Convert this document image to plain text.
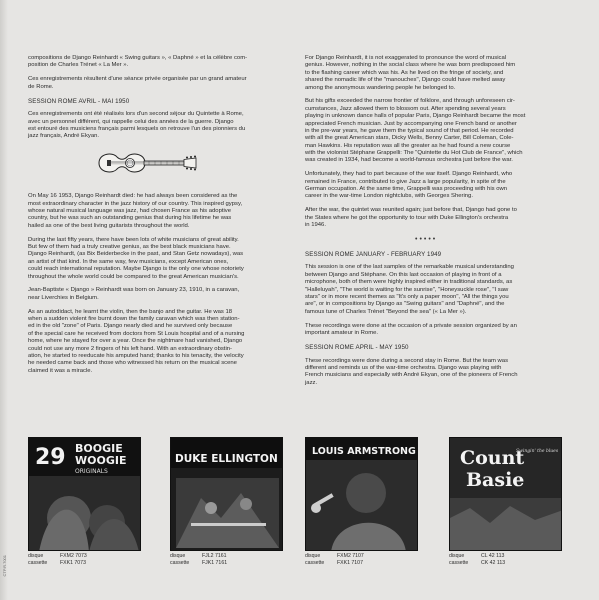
compositions de Django Reinhardt « Swing guitars », « Daphné » et la célèbre com-
position de Charles Trénet « La Mer ».

Ces enregistrements résultent d'une séance privée organisée par un grand amateur
de Rome.

SESSION ROME AVRIL - MAI 1950

Ces enregistrements ont été réalisés lors d'un second séjour du Quintette à Rome,
avec un personnel différent, qui rappelle celui des années de la guerre. Django
est entouré des musiciens français parmi lesquels on retrouve l'un des pionniers du
jazz français, André Ekyan.

On May 16 1953, Django Reinhardt died: he had always been considered as the
most extraordinary character in the jazz history of our country. This inspired gypsy,
whose natural musical language was jazz, had chosen France as his adoptive
country, but he was such an outstanding genius that during his lifetime he was
hailed as one of the best living guitarists throughout the world.

During the last fifty years, there have been lots of white musicians of great ability.
But few of them had a truly creative genius, as the best black musicians have.
Django Reinhardt, (as Bix Beiderbecke in the past, and Stan Getz nowadays), was
an artist of that kind. In the same way, few musicians, except American ones,
could reach international reputation. Maybe Django is the only one whose notoriety
throughout the whole world could be compared to the great American musician's.

Jean-Baptiste « Django » Reinhardt was born on January 23, 1910, in a caravan,
near Liverchies in Belgium.

As an autodidact, he learnt the violin, then the banjo and the guitar. He was 18
when a sudden violent fire burnt down the family caravan which was then station-
ed in the old "zone" of Paris. Django nearly died and he survived only because
of the special care he received from doctors from St Louis hospital and of a nursing
home, where he stayed for over a year. Once the nightmare had vanished, Django
could not use any more 2 fingers of his left hand. With an extraordinary obstin-
ation, he started to reeducate his amputed hand; thanks to his tenacity, the velocity
he needed came back and those who witnessed his return on the musical scene
claimed it was a miracle.

For Django Reinhardt, it is not exaggerated to pronounce the word of musical
genius. However, nothing in the social class where he was born predisposed him
to the flashing career which was his. As he lived on the fringe of society, and
shared the nomadic life of the "manouches", Django could have melted away
among the anonymous wandering people he belonged to.

But his gifts exceeded the narrow frontier of folklore, and through unforeseen cir-
cumstances, Jazz allowed them to blossom out. After spending several years
playing in unknown dance halls of popular Paris, Django Reinhardt became the most
appreciated French musician. Just by accompanying one French band or another
in the pre-war years, he gave them the typical sound of that period. He recorded
with all the great American stars, Dicky Wells, Benny Carter, Bill Coleman, Cole-
man Hawkins. His reputation was all the greater as he had found a new course
with the violonist Stéphane Grappelli: The "Quintette du Hot Club de France", which
was created in 1934, had become a world-famous orchestra just before the war.

Unfortunately, they had to part because of the war itself. Django Reinhardt, who
remained in France, contributed to give Jazz a large popularity, in spite of the
German occupation. At the same time, Grappelli was proceeding with his own
career in the war-time London nightclubs, with Georges Shering.

After the war, the quintet was reunited again; just before that, Django had gone to
the States where he got the opportunity to tour with Duke Ellington's orchestra
in 1946.

•••••

SESSION ROME JANUARY - FEBRUARY 1949

This session is one of the last samples of the remarkable musical understanding
between Django and Stéphane. On this last occasion of playing in front of a
microphone, both of them were highly inspired either in traditional standards, as
"Halleluyah", "The world is waiting for the sunrise", "Honeysuckle rose", "I saw
stars" or in more recent themes as "It's only a paper moon", "All the things you
are", or in compositions by Django as "Swing guitars" and "Daphné", and the
famous tune of Charles Trénet "Beyond the sea" (« La Mer »).

These recordings were done at the occasion of a private session organized by an
important amateur in Rome.

SESSION ROME APRIL - MAY 1950

These recordings were done during a second stay in Rome. But the team was
different and reminds us of the war-time orchestra. Django was playing with
French musicians and especially with André Ekyan, one of the pioneers of French
jazz.

29 BOOGIE
WOOGIE
ORIGINALS
disque	FXM2 7073
cassette	FXK1 7073
DUKE ELLINGTON
disque	FJL2 7161
cassette	FJK1 7161
LOUIS ARMSTRONG
disque	FXM2 7107
cassette	FXK1 7107
Count
Basie
Swingin' the blues
disque	CL 42 113
cassette	CK 42 113
CTP.R.7001
